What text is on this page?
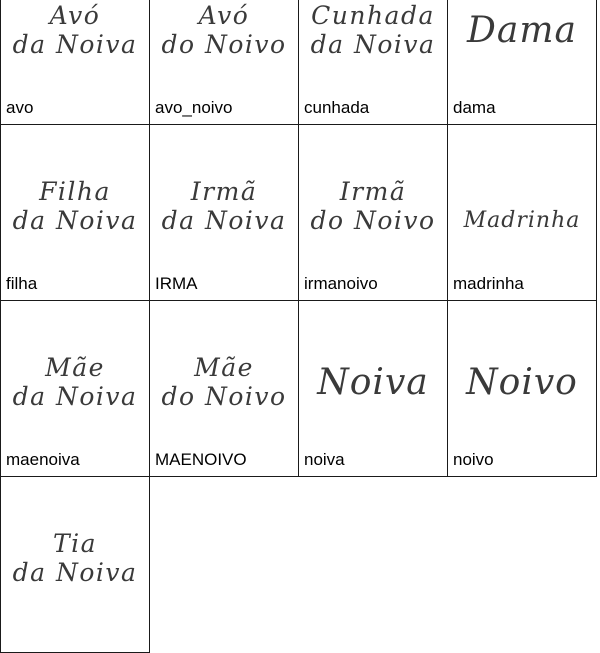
Avó
da Noiva
avo
Avó
do Noivo
avo_noivo
Cunhada
da Noiva
cunhada
Dama
dama
Filha
da Noiva
filha
Irmã
da Noiva
IRMA
Irmã
do Noivo
irmanoivo
Madrinha
madrinha
Mãe
da Noiva
maenoiva
Mãe
do Noivo
MAENOIVO
Noiva
noiva
Noivo
noivo
Tia
da Noiva
